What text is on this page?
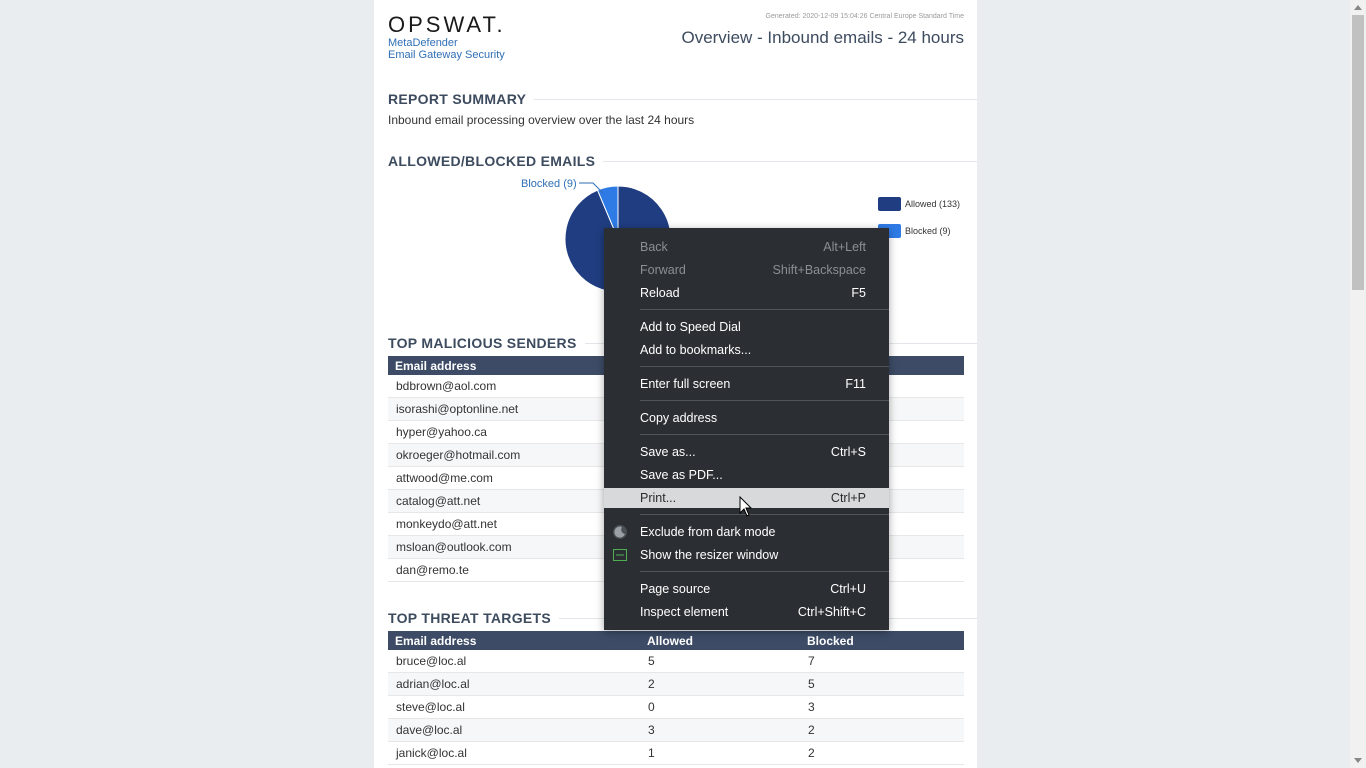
OPSWAT.
MetaDefender
Email Gateway Security
Generated: 2020-12-09 15:04:26 Central Europe Standard Time
Overview - Inbound emails - 24 hours
REPORT SUMMARY
Inbound email processing overview over the last 24 hours
ALLOWED/BLOCKED EMAILS
Blocked (9)
Allowed (133)
Blocked (9)
TOP MALICIOUS SENDERS
Email address
bdbrown@aol.com
isorashi@optonline.net
hyper@yahoo.ca
okroeger@hotmail.com
attwood@me.com
catalog@att.net
monkeydo@att.net
msloan@outlook.com
dan@remo.te
TOP THREAT TARGETS
Email address	Allowed	Blocked
bruce@loc.al	5	7
adrian@loc.al	2	5
steve@loc.al	0	3
dave@loc.al	3	2
janick@loc.al	1	2
Back	Alt+Left
Forward	Shift+Backspace
Reload	F5
Add to Speed Dial
Add to bookmarks...
Enter full screen	F11
Copy address
Save as...	Ctrl+S
Save as PDF...
Print...	Ctrl+P
Exclude from dark mode
Show the resizer window
Page source	Ctrl+U
Inspect element	Ctrl+Shift+C
